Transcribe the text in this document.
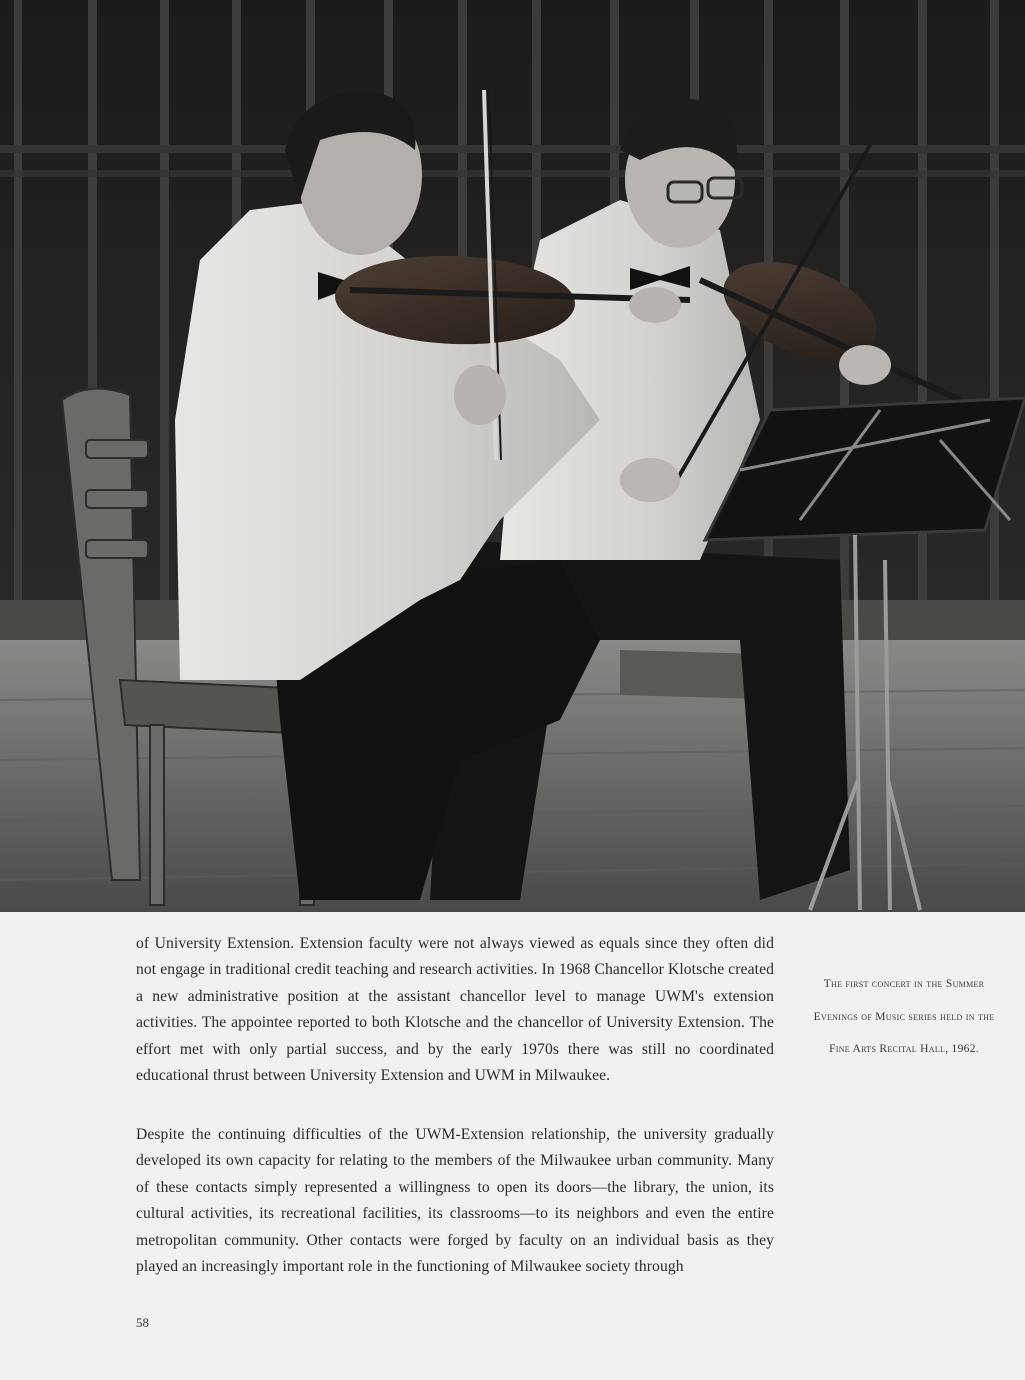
of University Extension. Extension faculty were not always viewed as equals since they often did not engage in traditional credit teaching and research activities. In 1968 Chancellor Klotsche created a new administrative position at the assistant chancellor level to manage UWM's extension activities. The appointee reported to both Klotsche and the chancellor of University Extension. The effort met with only partial success, and by the early 1970s there was still no coordinated educational thrust between University Extension and UWM in Milwaukee.

Despite the continuing difficulties of the UWM-Extension relationship, the university gradually developed its own capacity for relating to the members of the Milwaukee urban community. Many of these contacts simply represented a willingness to open its doors—the library, the union, its cultural activities, its recreational facilities, its classrooms—to its neighbors and even the entire metropolitan community. Other contacts were forged by faculty on an individual basis as they played an increasingly important role in the functioning of Milwaukee society through

The first concert in the Summer Evenings of Music series held in the Fine Arts Recital Hall, 1962.
58
